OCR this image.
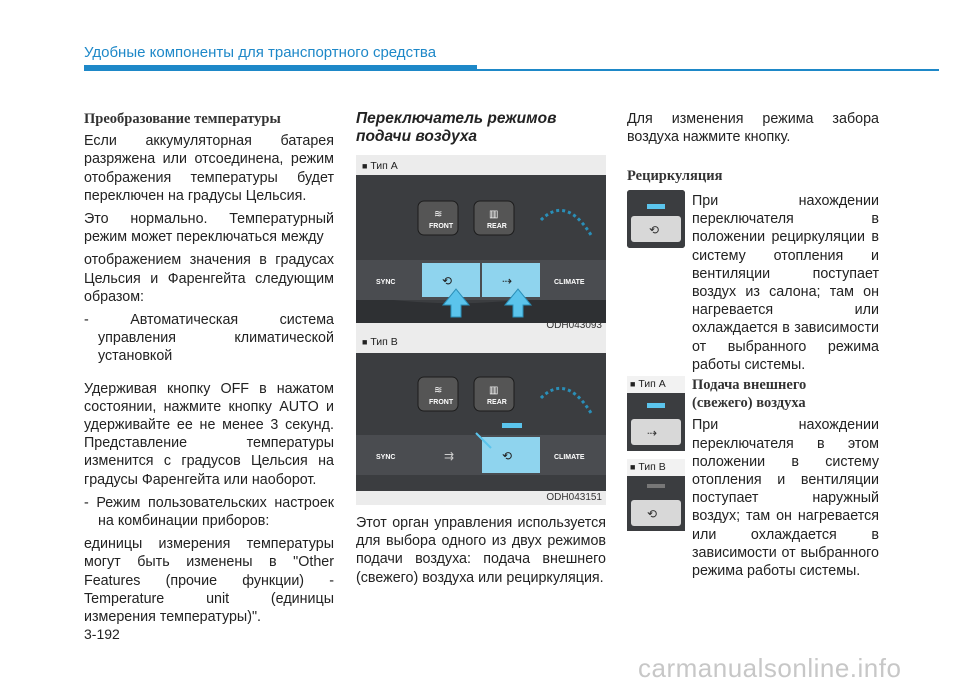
Удобные компоненты для транспортного средства
Преобразование температуры

Если аккумуляторная батарея разряжена или отсоединена, режим отображения температуры будет переключен на градусы Цельсия.

Это нормально. Температурный режим может переключаться между

отображением значения в градусах Цельсия и Фаренгейта следующим образом:

- Автоматическая система управления климатической установкой

Удерживая кнопку OFF в нажатом состоянии, нажмите кнопку AUTO и удерживайте ее не менее 3 секунд. Представление температуры изменится с градусов Цельсия на градусы Фаренгейта или наоборот.

- Режим пользовательских настроек на комбинации приборов:

единицы измерения температуры могут быть изменены в "Other Features (прочие функции) - Temperature unit (единицы измерения температуры)".

Переключатель режимов
подачи воздуха
■ Тип A
FRONT	REAR
≋	▥
SYNC	CLIMATE
⟲	⇢
ODH043093
■ Тип B
FRONT	REAR
≋	▥
SYNC	CLIMATE
⇉	⟲
ODH043151

Этот орган управления используется для выбора одного из двух режимов подачи воздуха: подача внешнего (свежего) воздуха или рециркуляция.

Для изменения режима забора воздуха нажмите кнопку.

Рециркуляция
⟲

При нахождении переключателя в положении рециркуляции в систему отопления и вентиляции поступает воздух из салона; там он нагревается или охлаждается в зависимости от выбранного режима работы системы.

■ Тип A
⇢
■ Тип B
⟲
Подача внешнего
(свежего) воздуха

При нахождении переключателя в этом положении в систему отопления и вентиляции поступает наружный воздух; там он нагревается или охлаждается в зависимости от выбранного режима работы системы.

3-192
carmanualsonline.info
